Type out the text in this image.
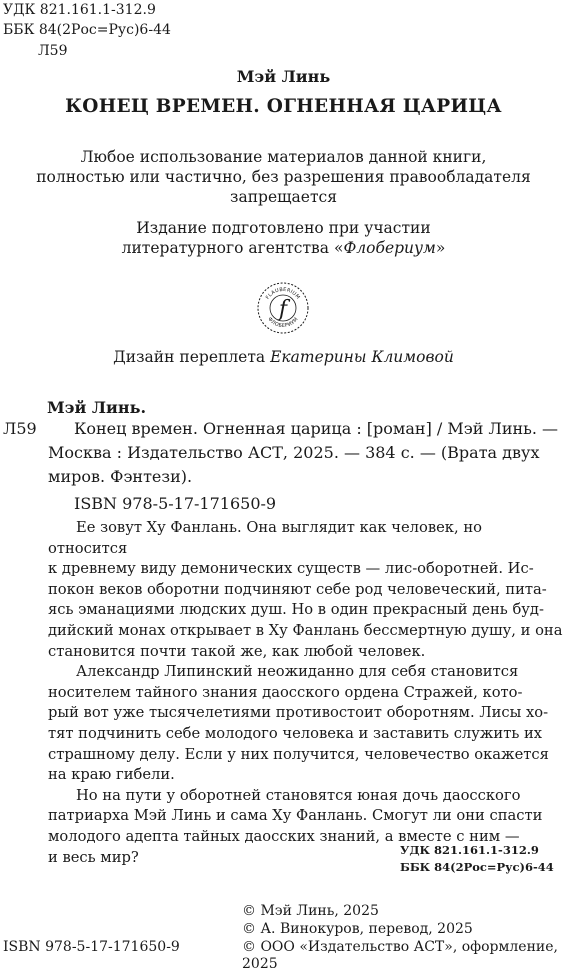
УДК 821.161.1-312.9
ББК 84(2Рос=Рус)6-44
Л59
Мэй Линь
КОНЕЦ ВРЕМЕН. ОГНЕННАЯ ЦАРИЦА
Любое использование материалов данной книги,
полностью или частично, без разрешения правообладателя
запрещается
Издание подготовлено при участии
литературного агентства «Флобериум»
f
FLAUBERIUM
ФЛОБЕРИУМ
Дизайн переплета Екатерины Климовой
Мэй Линь.
Л59 Конец времен. Огненная царица : [роман] / Мэй Линь. —
Москва : Издательство АСТ, 2025. — 384 с. — (Врата двух
миров. Фэнтези).
ISBN 978-5-17-171650-9
Ее зовут Ху Фанлань. Она выглядит как человек, но относится
к древнему виду демонических существ — лис-оборотней. Ис-
покон веков оборотни подчиняют себе род человеческий, пита-
ясь эманациями людских душ. Но в один прекрасный день буд-
дийский монах открывает в Ху Фанлань бессмертную душу, и она
становится почти такой же, как любой человек.
Александр Липинский неожиданно для себя становится
носителем тайного знания даосского ордена Стражей, кото-
рый вот уже тысячелетиями противостоит оборотням. Лисы хо-
тят подчинить себе молодого человека и заставить служить их
страшному делу. Если у них получится, человечество окажется
на краю гибели.
Но на пути у оборотней становятся юная дочь даосского
патриарха Мэй Линь и сама Ху Фанлань. Смогут ли они спасти
молодого адепта тайных даосских знаний, а вместе с ним —
и весь мир?	УДК 821.161.1-312.9
ББК 84(2Рос=Рус)6-44
© Мэй Линь, 2025
© А. Винокуров, перевод, 2025
ISBN 978-5-17-171650-9	© ООО «Издательство АСТ», оформление, 2025
